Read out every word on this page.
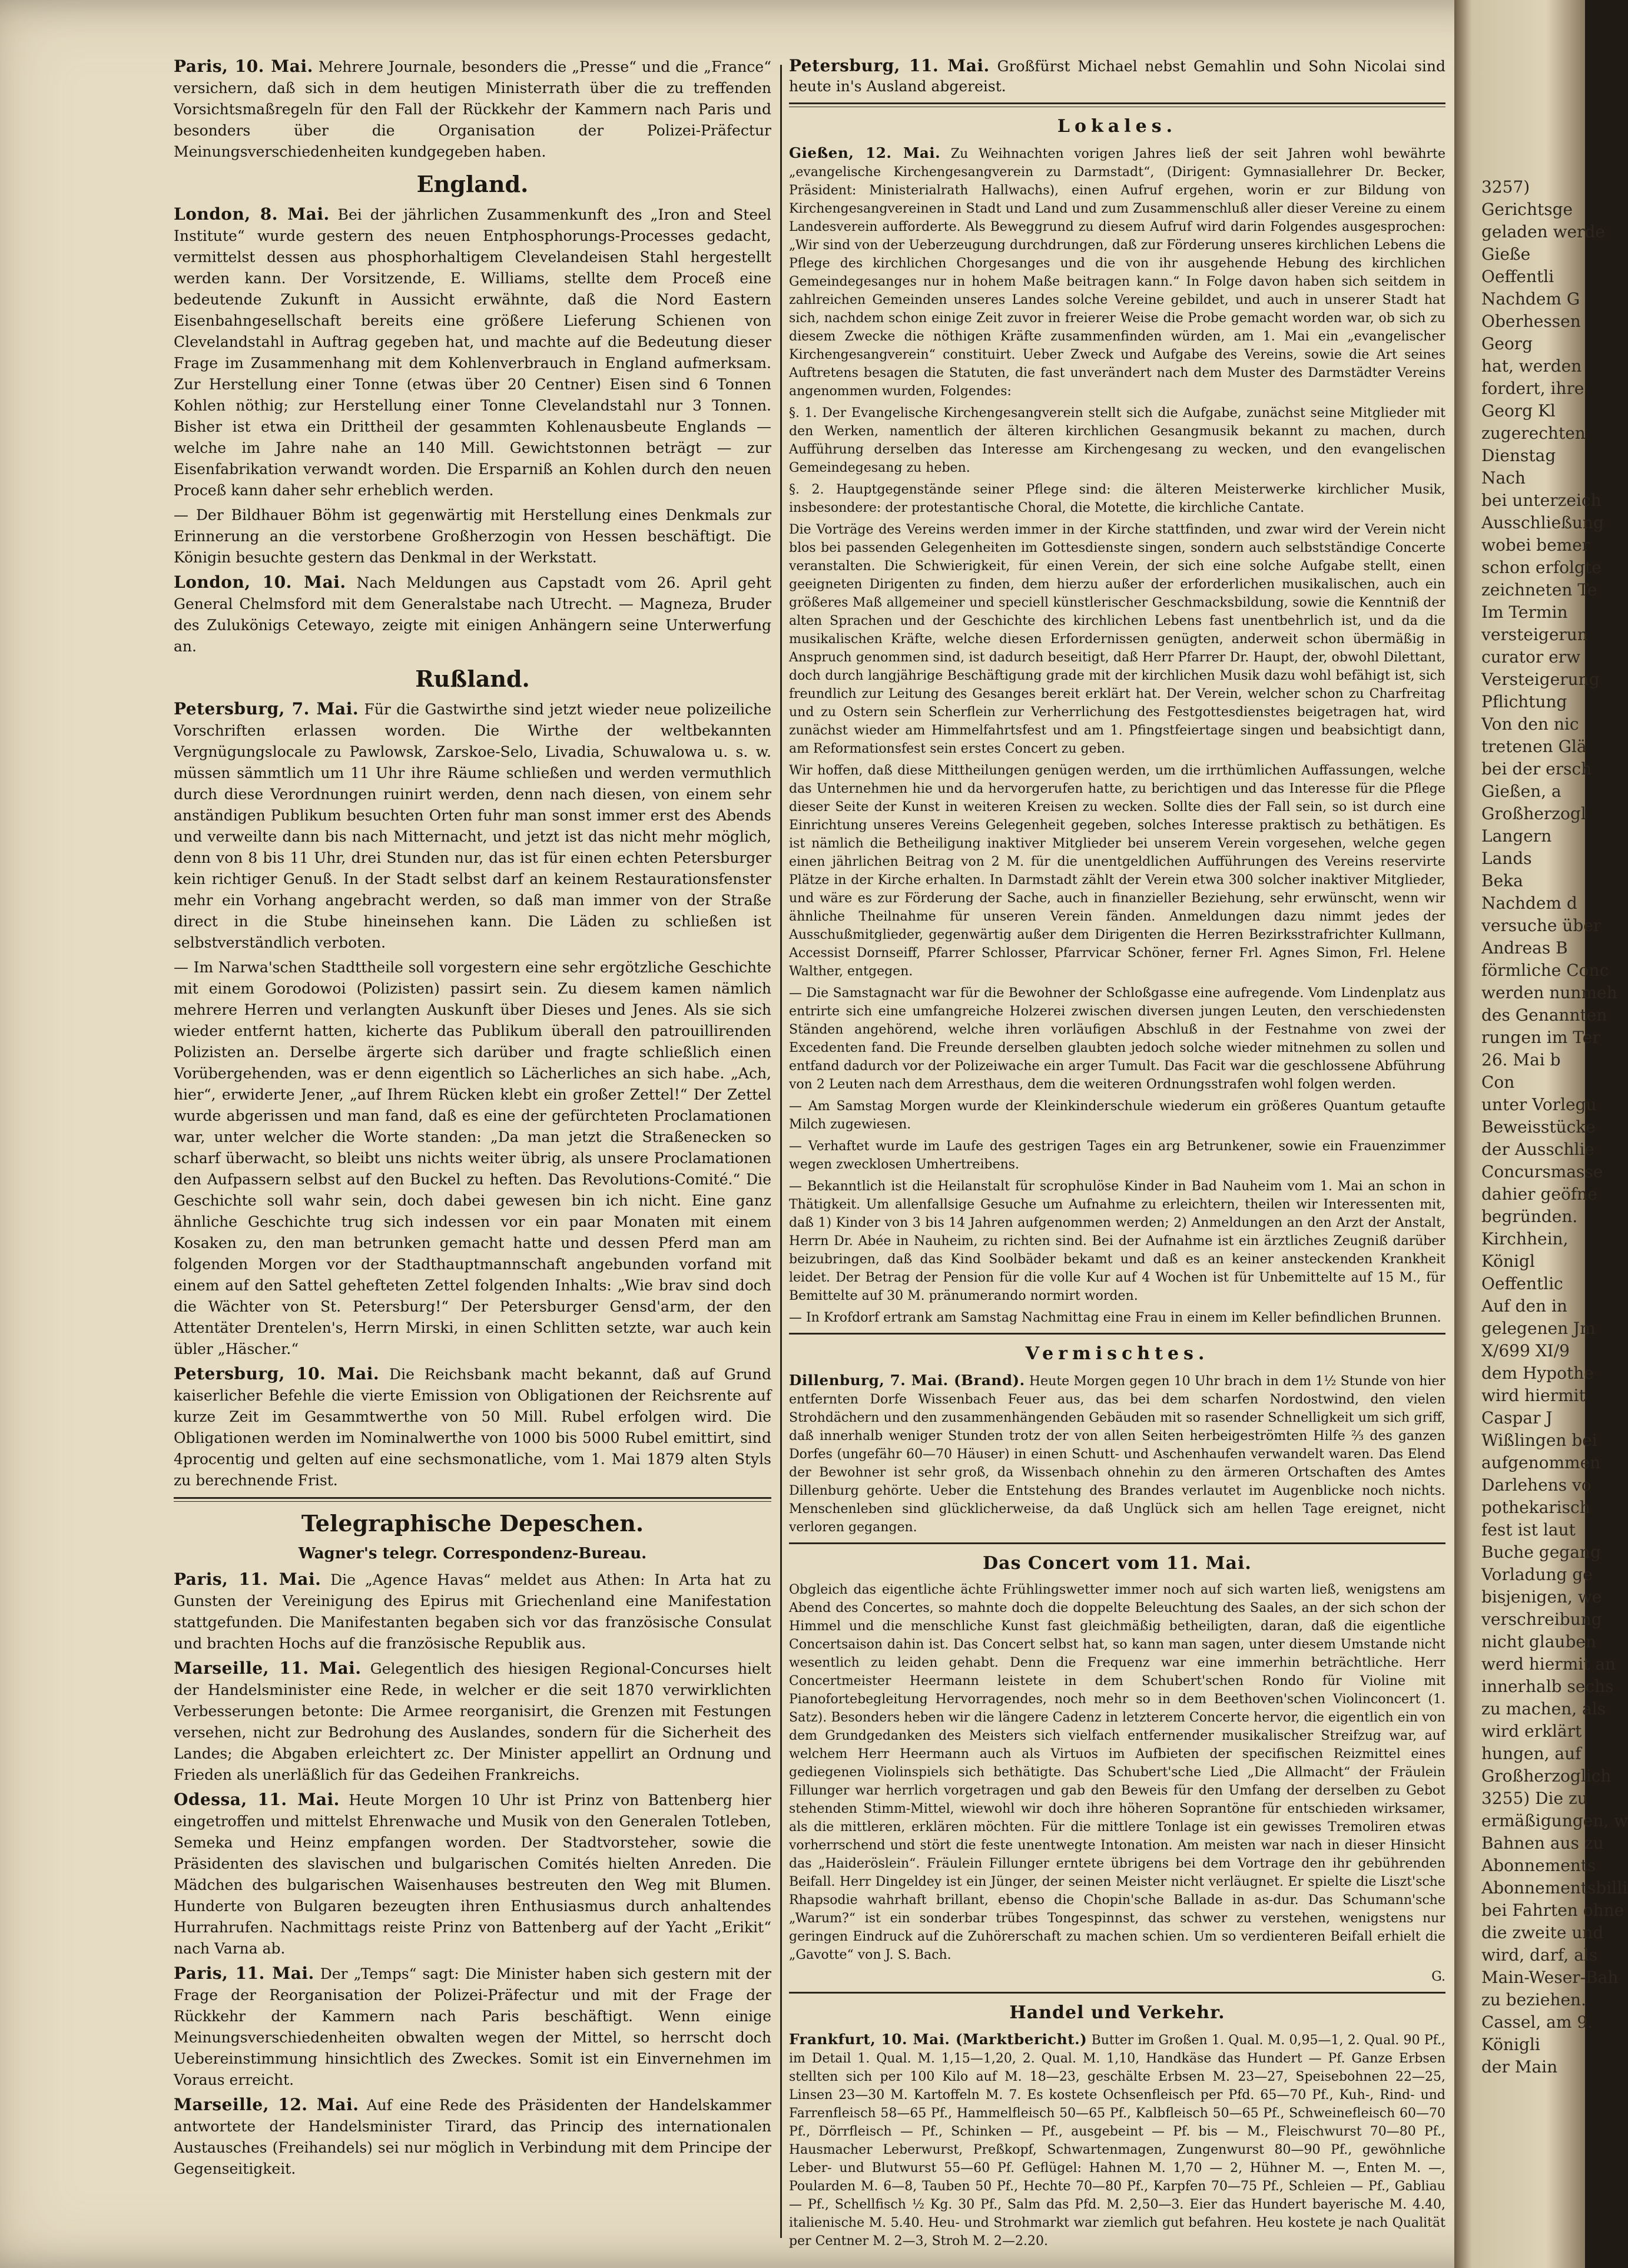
Paris, 10. Mai. Mehrere Journale, besonders die „Presse“ und die „France“ versichern, daß sich in dem heutigen Ministerrath über die zu treffenden Vorsichtsmaßregeln für den Fall der Rückkehr der Kammern nach Paris und besonders über die Organisation der Polizei-Präfectur Meinungsverschiedenheiten kundgegeben haben.

England.

London, 8. Mai. Bei der jährlichen Zusammenkunft des „Iron and Steel Institute“ wurde gestern des neuen Entphosphorungs-Processes gedacht, vermittelst dessen aus phosphorhaltigem Clevelandeisen Stahl hergestellt werden kann. Der Vorsitzende, E. Williams, stellte dem Proceß eine bedeutende Zukunft in Aussicht erwähnte, daß die Nord Eastern Eisenbahngesellschaft bereits eine größere Lieferung Schienen von Clevelandstahl in Auftrag gegeben hat, und machte auf die Bedeutung dieser Frage im Zusammenhang mit dem Kohlenverbrauch in England aufmerksam. Zur Herstellung einer Tonne (etwas über 20 Centner) Eisen sind 6 Tonnen Kohlen nöthig; zur Herstellung einer Tonne Clevelandstahl nur 3 Tonnen. Bisher ist etwa ein Drittheil der gesammten Kohlenausbeute Englands — welche im Jahre nahe an 140 Mill. Gewichtstonnen beträgt — zur Eisenfabrikation verwandt worden. Die Ersparniß an Kohlen durch den neuen Proceß kann daher sehr erheblich werden.

— Der Bildhauer Böhm ist gegenwärtig mit Herstellung eines Denkmals zur Erinnerung an die verstorbene Großherzogin von Hessen beschäftigt. Die Königin besuchte gestern das Denkmal in der Werkstatt.

London, 10. Mai. Nach Meldungen aus Capstadt vom 26. April geht General Chelmsford mit dem Generalstabe nach Utrecht. — Magneza, Bruder des Zulukönigs Cetewayo, zeigte mit einigen Anhängern seine Unterwerfung an.

Rußland.

Petersburg, 7. Mai. Für die Gastwirthe sind jetzt wieder neue polizeiliche Vorschriften erlassen worden. Die Wirthe der weltbekannten Vergnügungslocale zu Pawlowsk, Zarskoe-Selo, Livadia, Schuwalowa u. s. w. müssen sämmtlich um 11 Uhr ihre Räume schließen und werden vermuthlich durch diese Verordnungen ruinirt werden, denn nach diesen, von einem sehr anständigen Publikum besuchten Orten fuhr man sonst immer erst des Abends und verweilte dann bis nach Mitternacht, und jetzt ist das nicht mehr möglich, denn von 8 bis 11 Uhr, drei Stunden nur, das ist für einen echten Petersburger kein richtiger Genuß. In der Stadt selbst darf an keinem Restaurationsfenster mehr ein Vorhang angebracht werden, so daß man immer von der Straße direct in die Stube hineinsehen kann. Die Läden zu schließen ist selbstverständlich verboten.

— Im Narwa'schen Stadttheile soll vorgestern eine sehr ergötzliche Geschichte mit einem Gorodowoi (Polizisten) passirt sein. Zu diesem kamen nämlich mehrere Herren und verlangten Auskunft über Dieses und Jenes. Als sie sich wieder entfernt hatten, kicherte das Publikum überall den patrouillirenden Polizisten an. Derselbe ärgerte sich darüber und fragte schließlich einen Vorübergehenden, was er denn eigentlich so Lächerliches an sich habe. „Ach, hier“, erwiderte Jener, „auf Ihrem Rücken klebt ein großer Zettel!“ Der Zettel wurde abgerissen und man fand, daß es eine der gefürchteten Proclamationen war, unter welcher die Worte standen: „Da man jetzt die Straßenecken so scharf überwacht, so bleibt uns nichts weiter übrig, als unsere Proclamationen den Aufpassern selbst auf den Buckel zu heften. Das Revolutions-Comité.“ Die Geschichte soll wahr sein, doch dabei gewesen bin ich nicht. Eine ganz ähnliche Geschichte trug sich indessen vor ein paar Monaten mit einem Kosaken zu, den man betrunken gemacht hatte und dessen Pferd man am folgenden Morgen vor der Stadthauptmannschaft angebunden vorfand mit einem auf den Sattel gehefteten Zettel folgenden Inhalts: „Wie brav sind doch die Wächter von St. Petersburg!“ Der Petersburger Gensd'arm, der den Attentäter Drentelen's, Herrn Mirski, in einen Schlitten setzte, war auch kein übler „Häscher.“

Petersburg, 10. Mai. Die Reichsbank macht bekannt, daß auf Grund kaiserlicher Befehle die vierte Emission von Obligationen der Reichsrente auf kurze Zeit im Gesammtwerthe von 50 Mill. Rubel erfolgen wird. Die Obligationen werden im Nominalwerthe von 1000 bis 5000 Rubel emittirt, sind 4procentig und gelten auf eine sechsmonatliche, vom 1. Mai 1879 alten Styls zu berechnende Frist.

Telegraphische Depeschen.
Wagner's telegr. Correspondenz-Bureau.

Paris, 11. Mai. Die „Agence Havas“ meldet aus Athen: In Arta hat zu Gunsten der Vereinigung des Epirus mit Griechenland eine Manifestation stattgefunden. Die Manifestanten begaben sich vor das französische Consulat und brachten Hochs auf die französische Republik aus.

Marseille, 11. Mai. Gelegentlich des hiesigen Regional-Concurses hielt der Handelsminister eine Rede, in welcher er die seit 1870 verwirklichten Verbesserungen betonte: Die Armee reorganisirt, die Grenzen mit Festungen versehen, nicht zur Bedrohung des Auslandes, sondern für die Sicherheit des Landes; die Abgaben erleichtert zc. Der Minister appellirt an Ordnung und Frieden als unerläßlich für das Gedeihen Frankreichs.

Odessa, 11. Mai. Heute Morgen 10 Uhr ist Prinz von Battenberg hier eingetroffen und mittelst Ehrenwache und Musik von den Generalen Totleben, Semeka und Heinz empfangen worden. Der Stadtvorsteher, sowie die Präsidenten des slavischen und bulgarischen Comités hielten Anreden. Die Mädchen des bulgarischen Waisenhauses bestreuten den Weg mit Blumen. Hunderte von Bulgaren bezeugten ihren Enthusiasmus durch anhaltendes Hurrahrufen. Nachmittags reiste Prinz von Battenberg auf der Yacht „Erikit“ nach Varna ab.

Paris, 11. Mai. Der „Temps“ sagt: Die Minister haben sich gestern mit der Frage der Reorganisation der Polizei-Präfectur und mit der Frage der Rückkehr der Kammern nach Paris beschäftigt. Wenn einige Meinungsverschiedenheiten obwalten wegen der Mittel, so herrscht doch Uebereinstimmung hinsichtlich des Zweckes. Somit ist ein Einvernehmen im Voraus erreicht.

Marseille, 12. Mai. Auf eine Rede des Präsidenten der Handelskammer antwortete der Handelsminister Tirard, das Princip des internationalen Austausches (Freihandels) sei nur möglich in Verbindung mit dem Principe der Gegenseitigkeit.

Petersburg, 11. Mai. Großfürst Michael nebst Gemahlin und Sohn Nicolai sind heute in's Ausland abgereist.

Lokales.

Gießen, 12. Mai. Zu Weihnachten vorigen Jahres ließ der seit Jahren wohl bewährte „evangelische Kirchengesangverein zu Darmstadt“, (Dirigent: Gymnasiallehrer Dr. Becker, Präsident: Ministerialrath Hallwachs), einen Aufruf ergehen, worin er zur Bildung von Kirchengesangvereinen in Stadt und Land und zum Zusammenschluß aller dieser Vereine zu einem Landesverein aufforderte. Als Beweggrund zu diesem Aufruf wird darin Folgendes ausgesprochen: „Wir sind von der Ueberzeugung durchdrungen, daß zur Förderung unseres kirchlichen Lebens die Pflege des kirchlichen Chorgesanges und die von ihr ausgehende Hebung des kirchlichen Gemeindegesanges nur in hohem Maße beitragen kann.“ In Folge davon haben sich seitdem in zahlreichen Gemeinden unseres Landes solche Vereine gebildet, und auch in unserer Stadt hat sich, nachdem schon einige Zeit zuvor in freierer Weise die Probe gemacht worden war, ob sich zu diesem Zwecke die nöthigen Kräfte zusammenfinden würden, am 1. Mai ein „evangelischer Kirchengesangverein“ constituirt. Ueber Zweck und Aufgabe des Vereins, sowie die Art seines Auftretens besagen die Statuten, die fast unverändert nach dem Muster des Darmstädter Vereins angenommen wurden, Folgendes:

§. 1. Der Evangelische Kirchengesangverein stellt sich die Aufgabe, zunächst seine Mitglieder mit den Werken, namentlich der älteren kirchlichen Gesangmusik bekannt zu machen, durch Aufführung derselben das Interesse am Kirchengesang zu wecken, und den evangelischen Gemeindegesang zu heben.

§. 2. Hauptgegenstände seiner Pflege sind: die älteren Meisterwerke kirchlicher Musik, insbesondere: der protestantische Choral, die Motette, die kirchliche Cantate.

Die Vorträge des Vereins werden immer in der Kirche stattfinden, und zwar wird der Verein nicht blos bei passenden Gelegenheiten im Gottesdienste singen, sondern auch selbstständige Concerte veranstalten. Die Schwierigkeit, für einen Verein, der sich eine solche Aufgabe stellt, einen geeigneten Dirigenten zu finden, dem hierzu außer der erforderlichen musikalischen, auch ein größeres Maß allgemeiner und speciell künstlerischer Geschmacksbildung, sowie die Kenntniß der alten Sprachen und der Geschichte des kirchlichen Lebens fast unentbehrlich ist, und da die musikalischen Kräfte, welche diesen Erfordernissen genügten, anderweit schon übermäßig in Anspruch genommen sind, ist dadurch beseitigt, daß Herr Pfarrer Dr. Haupt, der, obwohl Dilettant, doch durch langjährige Beschäftigung grade mit der kirchlichen Musik dazu wohl befähigt ist, sich freundlich zur Leitung des Gesanges bereit erklärt hat. Der Verein, welcher schon zu Charfreitag und zu Ostern sein Scherflein zur Verherrlichung des Festgottesdienstes beigetragen hat, wird zunächst wieder am Himmelfahrtsfest und am 1. Pfingstfeiertage singen und beabsichtigt dann, am Reformationsfest sein erstes Concert zu geben.

Wir hoffen, daß diese Mittheilungen genügen werden, um die irrthümlichen Auffassungen, welche das Unternehmen hie und da hervorgerufen hatte, zu berichtigen und das Interesse für die Pflege dieser Seite der Kunst in weiteren Kreisen zu wecken. Sollte dies der Fall sein, so ist durch eine Einrichtung unseres Vereins Gelegenheit gegeben, solches Interesse praktisch zu bethätigen. Es ist nämlich die Betheiligung inaktiver Mitglieder bei unserem Verein vorgesehen, welche gegen einen jährlichen Beitrag von 2 M. für die unentgeldlichen Aufführungen des Vereins reservirte Plätze in der Kirche erhalten. In Darmstadt zählt der Verein etwa 300 solcher inaktiver Mitglieder, und wäre es zur Förderung der Sache, auch in finanzieller Beziehung, sehr erwünscht, wenn wir ähnliche Theilnahme für unseren Verein fänden. Anmeldungen dazu nimmt jedes der Ausschußmitglieder, gegenwärtig außer dem Dirigenten die Herren Bezirksstrafrichter Kullmann, Accessist Dornseiff, Pfarrer Schlosser, Pfarrvicar Schöner, ferner Frl. Agnes Simon, Frl. Helene Walther, entgegen.

— Die Samstagnacht war für die Bewohner der Schloßgasse eine aufregende. Vom Lindenplatz aus entrirte sich eine umfangreiche Holzerei zwischen diversen jungen Leuten, den verschiedensten Ständen angehörend, welche ihren vorläufigen Abschluß in der Festnahme von zwei der Excedenten fand. Die Freunde derselben glaubten jedoch solche wieder mitnehmen zu sollen und entfand dadurch vor der Polizeiwache ein arger Tumult. Das Facit war die geschlossene Abführung von 2 Leuten nach dem Arresthaus, dem die weiteren Ordnungsstrafen wohl folgen werden.

— Am Samstag Morgen wurde der Kleinkinderschule wiederum ein größeres Quantum getaufte Milch zugewiesen.

— Verhaftet wurde im Laufe des gestrigen Tages ein arg Betrunkener, sowie ein Frauenzimmer wegen zwecklosen Umhertreibens.

— Bekanntlich ist die Heilanstalt für scrophulöse Kinder in Bad Nauheim vom 1. Mai an schon in Thätigkeit. Um allenfallsige Gesuche um Aufnahme zu erleichtern, theilen wir Interessenten mit, daß 1) Kinder von 3 bis 14 Jahren aufgenommen werden; 2) Anmeldungen an den Arzt der Anstalt, Herrn Dr. Abée in Nauheim, zu richten sind. Bei der Aufnahme ist ein ärztliches Zeugniß darüber beizubringen, daß das Kind Soolbäder bekamt und daß es an keiner ansteckenden Krankheit leidet. Der Betrag der Pension für die volle Kur auf 4 Wochen ist für Unbemittelte auf 15 M., für Bemittelte auf 30 M. pränumerando normirt worden.

— In Krofdorf ertrank am Samstag Nachmittag eine Frau in einem im Keller befindlichen Brunnen.

Vermischtes.

Dillenburg, 7. Mai. (Brand). Heute Morgen gegen 10 Uhr brach in dem 1½ Stunde von hier entfernten Dorfe Wissenbach Feuer aus, das bei dem scharfen Nordostwind, den vielen Strohdächern und den zusammenhängenden Gebäuden mit so rasender Schnelligkeit um sich griff, daß innerhalb weniger Stunden trotz der von allen Seiten herbeigeströmten Hilfe ⅔ des ganzen Dorfes (ungefähr 60—70 Häuser) in einen Schutt- und Aschenhaufen verwandelt waren. Das Elend der Bewohner ist sehr groß, da Wissenbach ohnehin zu den ärmeren Ortschaften des Amtes Dillenburg gehörte. Ueber die Entstehung des Brandes verlautet im Augenblicke noch nichts. Menschenleben sind glücklicherweise, da daß Unglück sich am hellen Tage ereignet, nicht verloren gegangen.

Das Concert vom 11. Mai.

Obgleich das eigentliche ächte Frühlingswetter immer noch auf sich warten ließ, wenigstens am Abend des Concertes, so mahnte doch die doppelte Beleuchtung des Saales, an der sich schon der Himmel und die menschliche Kunst fast gleichmäßig betheiligten, daran, daß die eigentliche Concertsaison dahin ist. Das Concert selbst hat, so kann man sagen, unter diesem Umstande nicht wesentlich zu leiden gehabt. Denn die Frequenz war eine immerhin beträchtliche. Herr Concertmeister Heermann leistete in dem Schubert'schen Rondo für Violine mit Pianofortebegleitung Hervorragendes, noch mehr so in dem Beethoven'schen Violinconcert (1. Satz). Besonders heben wir die längere Cadenz in letzterem Concerte hervor, die eigentlich ein von dem Grundgedanken des Meisters sich vielfach entfernender musikalischer Streifzug war, auf welchem Herr Heermann auch als Virtuos im Aufbieten der specifischen Reizmittel eines gediegenen Violinspiels sich bethätigte. Das Schubert'sche Lied „Die Allmacht“ der Fräulein Fillunger war herrlich vorgetragen und gab den Beweis für den Umfang der derselben zu Gebot stehenden Stimm-Mittel, wiewohl wir doch ihre höheren Soprantöne für entschieden wirksamer, als die mittleren, erklären möchten. Für die mittlere Tonlage ist ein gewisses Tremoliren etwas vorherrschend und stört die feste unentwegte Intonation. Am meisten war nach in dieser Hinsicht das „Haideröslein“. Fräulein Fillunger erntete übrigens bei dem Vortrage den ihr gebührenden Beifall. Herr Dingeldey ist ein Jünger, der seinen Meister nicht verläugnet. Er spielte die Liszt'sche Rhapsodie wahrhaft brillant, ebenso die Chopin'sche Ballade in as-dur. Das Schumann'sche „Warum?“ ist ein sonderbar trübes Tongespinnst, das schwer zu verstehen, wenigstens nur geringen Eindruck auf die Zuhörerschaft zu machen schien. Um so verdienteren Beifall erhielt die „Gavotte“ von J. S. Bach.

G.
Handel und Verkehr.

Frankfurt, 10. Mai. (Marktbericht.) Butter im Großen 1. Qual. M. 0,95—1, 2. Qual. 90 Pf., im Detail 1. Qual. M. 1,15—1,20, 2. Qual. M. 1,10, Handkäse das Hundert — Pf. Ganze Erbsen stellten sich per 100 Kilo auf M. 18—23, geschälte Erbsen M. 23—27, Speisebohnen 22—25, Linsen 23—30 M. Kartoffeln M. 7. Es kostete Ochsenfleisch per Pfd. 65—70 Pf., Kuh-, Rind- und Farrenfleisch 58—65 Pf., Hammelfleisch 50—65 Pf., Kalbfleisch 50—65 Pf., Schweinefleisch 60—70 Pf., Dörrfleisch — Pf., Schinken — Pf., ausgebeint — Pf. bis — M., Fleischwurst 70—80 Pf., Hausmacher Leberwurst, Preßkopf, Schwartenmagen, Zungenwurst 80—90 Pf., gewöhnliche Leber- und Blutwurst 55—60 Pf. Geflügel: Hahnen M. 1,70 — 2, Hühner M. —, Enten M. —, Poularden M. 6—8, Tauben 50 Pf., Hechte 70—80 Pf., Karpfen 70—75 Pf., Schleien — Pf., Gabliau — Pf., Schellfisch ½ Kg. 30 Pf., Salm das Pfd. M. 2,50—3. Eier das Hundert bayerische M. 4.40, italienische M. 5.40. Heu- und Strohmarkt war ziemlich gut befahren. Heu kostete je nach Qualität per Centner M. 2—3, Stroh M. 2—2.20.

3257)
Gerichtsge
geladen werde
Gieße
Oeffentli
Nachdem G
Oberhessen
Georg
hat, werden
fordert, ihre
Georg Kl
zugerechten
Dienstag
Nach
bei unterzeich
Ausschließung
wobei bemer
schon erfolgte
zeichneten Te
Im Termin
versteigerun
curator erw
Versteigerung
Pflichtung
Von den nic
tretenen Glä
bei der ersch
Gießen, a
Großherzogl
Langern
Lands
Beka
Nachdem d
versuche über
Andreas B
förmliche Conc
werden nunmeh
des Genannten
rungen im Ter
26. Mai b
Con
unter Vorlegu
Beweisstücke
der Ausschlie
Concursmasse
dahier geöfne
begründen.
Kirchhein,
Königl
Oeffentlic
Auf den in
gelegenen Jm
X/699 XI/9
dem Hypothe
wird hiermit
Caspar J
Wißlingen bei
aufgenommen
Darlehens vo
pothekarisch
fest ist laut
Buche gegang
Vorladung ge
bisjenigen, we
verschreibung
nicht glauben
werd hiermit an
innerhalb sechs
zu machen, als
wird erklärt
hungen, auf
Großherzoglich
3255) Die zu
ermäßigungen, w
Bahnen aus zu
Abonnements
Abonnementsbilli
bei Fahrten ohne
die zweite und
wird, darf, als
Main-Weser-Bah
zu beziehen.
Cassel, am 9.
Königli
der Main
